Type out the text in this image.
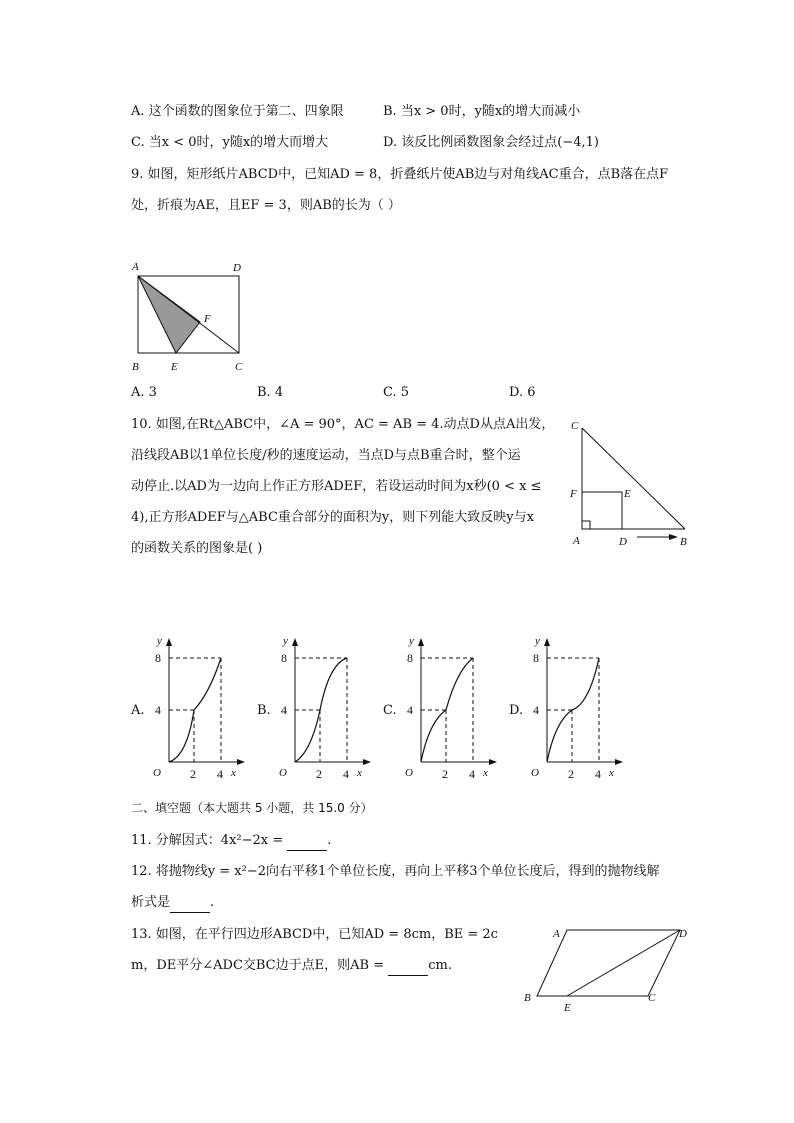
A. 这个函数的图象位于第二、四象限	B. 当x > 0时，y随x的增大而减小
C. 当x < 0时，y随x的增大而增大	D. 该反比例函数图象会经过点(−4,1)
9. 如图，矩形纸片ABCD中，已知AD = 8，折叠纸片使AB边与对角线AC重合，点B落在点F
处，折痕为AE，且EF = 3，则AB的长为（ ）
A	D
B	E	C
F
A. 3	B. 4	C. 5	D. 6
10. 如图,在Rt△ABC中，∠A = 90°，AC = AB = 4.动点D从点A出发，
沿线段AB以1单位长度/秒的速度运动，当点D与点B重合时，整个运
动停止.以AD为一边向上作正方形ADEF，若设运动时间为x秒(0 < x ≤
4),正方形ADEF与△ABC重合部分的面积为y，则下列能大致反映y与x
的函数关系的图象是( )
C
F	E
A	D	B
A.
y
8
4
O 2 4 x
B.
y
8
4
O 2 4 x
C.
y
8
4
O 2 4 x
D.
y
8
4
O 2 4 x
二、填空题（本大题共 5 小题，共 15.0 分）
11. 分解因式：4x²−2x =	.
12. 将抛物线y = x²−2向右平移1个单位长度，再向上平移3个单位长度后，得到的抛物线解
析式是	.
13. 如图，在平行四边形ABCD中，已知AD = 8cm，BE = 2c
m，DE平分∠ADC交BC边于点E，则AB =	cm.
A	D
B
E
C
